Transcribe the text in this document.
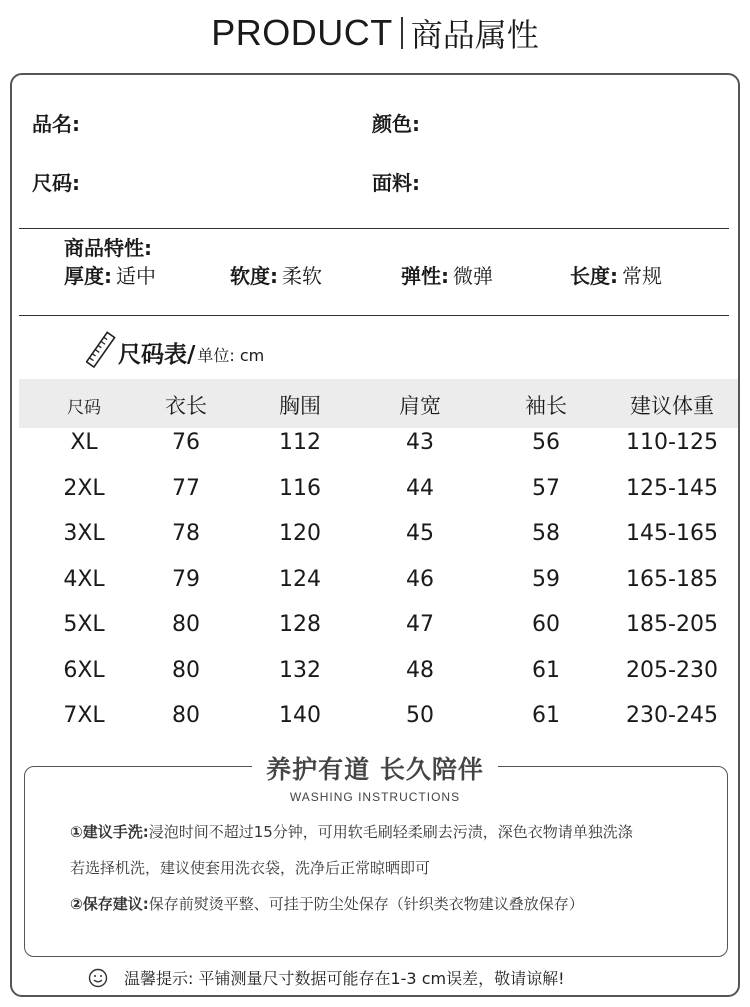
PRODUCT 商品属性
品名:	颜色:
尺码:	面料:
商品特性:
厚度: 适中	软度: 柔软	弹性: 微弹	长度: 常规
尺码表/ 单位: cm
尺码	衣长	胸围	肩宽	袖长	建议体重
XL	76	112	43	56	110-125
2XL	77	116	44	57	125-145
3XL	78	120	45	58	145-165
4XL	79	124	46	59	165-185
5XL	80	128	47	60	185-205
6XL	80	132	48	61	205-230
7XL	80	140	50	61	230-245
养护有道 长久陪伴
WASHING INSTRUCTIONS
①建议手洗:浸泡时间不超过15分钟，可用软毛刷轻柔刷去污渍，深色衣物请单独洗涤
若选择机洗，建议使套用洗衣袋，洗净后正常晾晒即可
②保存建议:保存前熨烫平整、可挂于防尘处保存（针织类衣物建议叠放保存）
温馨提示: 平铺测量尺寸数据可能存在1-3 cm误差，敬请谅解!
